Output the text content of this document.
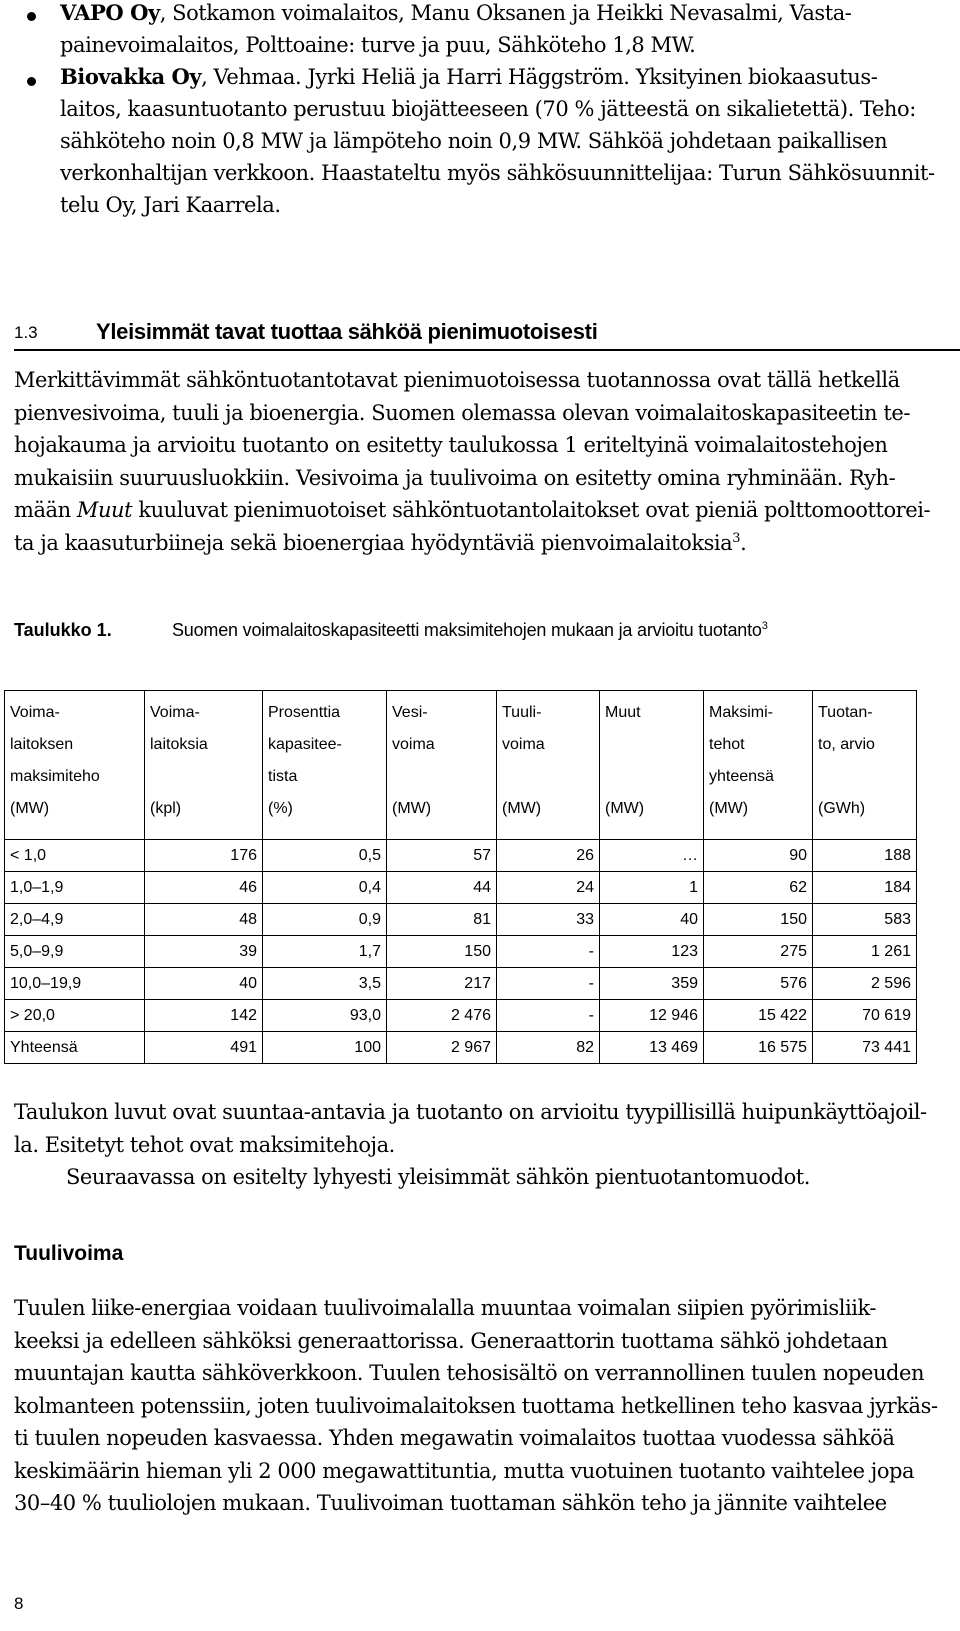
VAPO Oy, Sotkamon voimalaitos, Manu Oksanen ja Heikki Nevasalmi, Vasta-
painevoimalaitos, Polttoaine: turve ja puu, Sähköteho 1,8 MW.
Biovakka Oy, Vehmaa. Jyrki Heliä ja Harri Häggström. Yksityinen biokaasutus-
laitos, kaasuntuotanto perustuu biojätteeseen (70 % jätteestä on sikalietettä). Teho:
sähköteho noin 0,8 MW ja lämpöteho noin 0,9 MW. Sähköä johdetaan paikallisen
verkonhaltijan verkkoon. Haastateltu myös sähkösuunnittelijaa: Turun Sähkösuunnit-
telu Oy, Jari Kaarrela.
1.3	Yleisimmät tavat tuottaa sähköä pienimuotoisesti
Merkittävimmät sähköntuotantotavat pienimuotoisessa tuotannossa ovat tällä hetkellä
pienvesivoima, tuuli ja bioenergia. Suomen olemassa olevan voimalaitoskapasiteetin te-
hojakauma ja arvioitu tuotanto on esitetty taulukossa 1 eriteltyinä voimalaitostehojen
mukaisiin suuruusluokkiin. Vesivoima ja tuulivoima on esitetty omina ryhminään. Ryh-
mään Muut kuuluvat pienimuotoiset sähköntuotantolaitokset ovat pieniä polttomoottorei-
ta ja kaasuturbiineja sekä bioenergiaa hyödyntäviä pienvoimalaitoksia$^3$.
Taulukko 1.	Suomen voimalaitoskapasiteetti maksimitehojen mukaan ja arvioitu tuotanto$^3$
Voima-
laitoksen
maksimiteho
(MW)	Voima-
laitoksia
(kpl)	Prosenttia
kapasitee-
tista
(%)	Vesi-
voima
(MW)	Tuuli-
voima
(MW)	Muut
(MW)	Maksimi-
tehot
yhteensä
(MW)	Tuotan-
to, arvio
(GWh)

< 1,0	176	0,5	57	26	…	90	188
1,0–1,9	46	0,4	44	24	1	62	184
2,0–4,9	48	0,9	81	33	40	150	583
5,0–9,9	39	1,7	150	-	123	275	1 261
10,0–19,9	40	3,5	217	-	359	576	2 596
> 20,0	142	93,0	2 476	-	12 946	15 422	70 619
Yhteensä	491	100	2 967	82	13 469	16 575	73 441
Taulukon luvut ovat suuntaa-antavia ja tuotanto on arvioitu tyypillisillä huipunkäyttöajoil-
la. Esitetyt tehot ovat maksimitehoja.
Seuraavassa on esitelty lyhyesti yleisimmät sähkön pientuotantomuodot.
Tuulivoima
Tuulen liike-energiaa voidaan tuulivoimalalla muuntaa voimalan siipien pyörimisliik-
keeksi ja edelleen sähköksi generaattorissa. Generaattorin tuottama sähkö johdetaan
muuntajan kautta sähköverkkoon. Tuulen tehosisältö on verrannollinen tuulen nopeuden
kolmanteen potenssiin, joten tuulivoimalaitoksen tuottama hetkellinen teho kasvaa jyrkäs-
ti tuulen nopeuden kasvaessa. Yhden megawatin voimalaitos tuottaa vuodessa sähköä
keskimäärin hieman yli 2 000 megawattituntia, mutta vuotuinen tuotanto vaihtelee jopa
30–40 % tuuliolojen mukaan. Tuulivoiman tuottaman sähkön teho ja jännite vaihtelee
8
